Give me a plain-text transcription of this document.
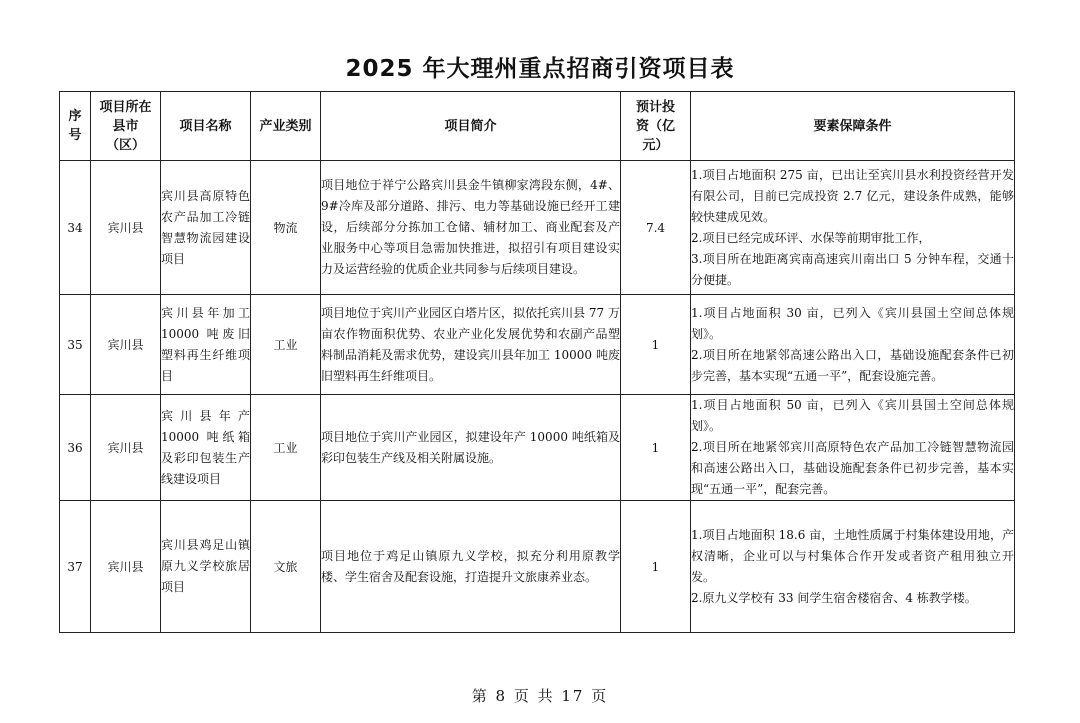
2025 年大理州重点招商引资项目表
序号	项目所在县市（区）	项目名称	产业类别	项目简介	预计投资（亿元）	要素保障条件
34	宾川县	宾川县高原特色农产品加工冷链智慧物流园建设项目	物流	项目地位于祥宁公路宾川县金牛镇柳家湾段东侧，4#、9#冷库及部分道路、排污、电力等基础设施已经开工建设，后续部分分拣加工仓储、辅材加工、商业配套及产业服务中心等项目急需加快推进，拟招引有项目建设实力及运营经验的优质企业共同参与后续项目建设。	7.4	1.项目占地面积 275 亩，已出让至宾川县水利投资经营开发有限公司，目前已完成投资 2.7 亿元，建设条件成熟，能够较快建成见效。

2.项目已经完成环评、水保等前期审批工作，

3.项目所在地距离宾南高速宾川南出口 5 分钟车程，交通十分便捷。

35	宾川县	宾川县年加工 10000 吨废旧塑料再生纤维项目	工业	项目地位于宾川产业园区白塔片区，拟依托宾川县 77 万亩农作物面积优势、农业产业化发展优势和农副产品塑料制品消耗及需求优势，建设宾川县年加工 10000 吨废旧塑料再生纤维项目。	1	1.项目占地面积 30 亩，已列入《宾川县国土空间总体规划》。

2.项目所在地紧邻高速公路出入口，基础设施配套条件已初步完善，基本实现“五通一平”，配套设施完善。

36	宾川县	宾川县年产 10000 吨纸箱及彩印包装生产线建设项目	工业	项目地位于宾川产业园区，拟建设年产 10000 吨纸箱及彩印包装生产线及相关附属设施。	1	1.项目占地面积 50 亩，已列入《宾川县国土空间总体规划》。

2.项目所在地紧邻宾川高原特色农产品加工冷链智慧物流园和高速公路出入口，基础设施配套条件已初步完善，基本实现“五通一平”，配套完善。

37	宾川县	宾川县鸡足山镇原九义学校旅居项目	文旅	项目地位于鸡足山镇原九义学校，拟充分利用原教学楼、学生宿舍及配套设施，打造提升文旅康养业态。	1	1.项目占地面积 18.6 亩，土地性质属于村集体建设用地，产权清晰，企业可以与村集体合作开发或者资产租用独立开发。

2.原九义学校有 33 间学生宿舍楼宿舍、4 栋教学楼。

第 8 页 共 17 页
